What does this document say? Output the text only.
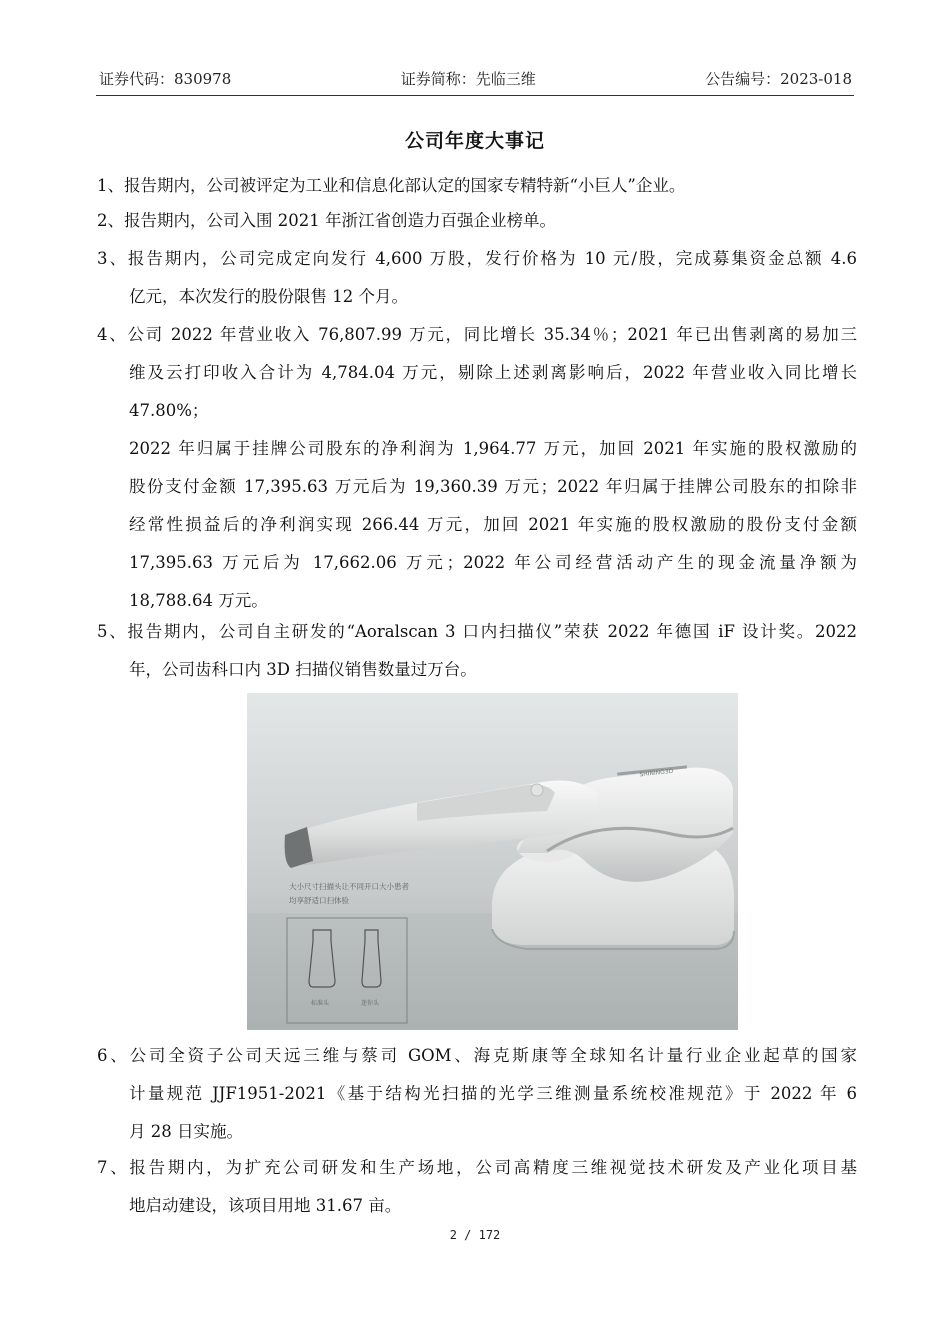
证券代码：830978	证券简称：先临三维	公告编号：2023-018
公司年度大事记
1、报告期内，公司被评定为工业和信息化部认定的国家专精特新“小巨人”企业。
2、报告期内，公司入围 2021 年浙江省创造力百强企业榜单。
3、报告期内，公司完成定向发行 4,600 万股，发行价格为 10 元/股，完成募集资金总额 4.6
亿元，本次发行的股份限售 12 个月。
4、公司 2022 年营业收入 76,807.99 万元，同比增长 35.34％；2021 年已出售剥离的易加三
维及云打印收入合计为 4,784.04 万元，剔除上述剥离影响后，2022 年营业收入同比增长
47.80%；
2022 年归属于挂牌公司股东的净利润为 1,964.77 万元，加回 2021 年实施的股权激励的
股份支付金额 17,395.63 万元后为 19,360.39 万元；2022 年归属于挂牌公司股东的扣除非
经常性损益后的净利润实现 266.44 万元，加回 2021 年实施的股权激励的股份支付金额
17,395.63 万元后为 17,662.06 万元；2022 年公司经营活动产生的现金流量净额为
18,788.64 万元。
5、报告期内，公司自主研发的“Aoralscan 3 口内扫描仪”荣获 2022 年德国 iF 设计奖。2022
年，公司齿科口内 3D 扫描仪销售数量过万台。
SHINING3D
大小尺寸扫描头让不同开口大小患者
均享舒适口扫体验
标准头	迷你头
6、公司全资子公司天远三维与蔡司 GOM、海克斯康等全球知名计量行业企业起草的国家
计量规范 JJF1951-2021《基于结构光扫描的光学三维测量系统校准规范》于 2022 年 6
月 28 日实施。
7、报告期内，为扩充公司研发和生产场地，公司高精度三维视觉技术研发及产业化项目基
地启动建设，该项目用地 31.67 亩。
2 / 172
